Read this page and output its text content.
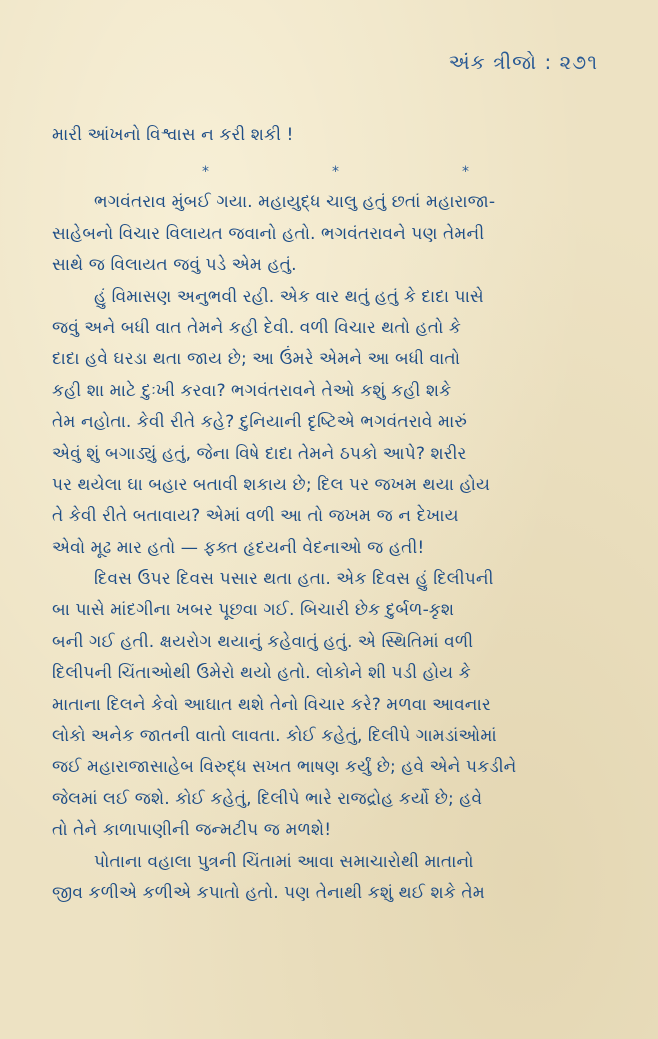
અંક ત્રીજો : ૨૭૧
મારી આંખનો વિશ્વાસ ન કરી શકી !
*	*	*
ભગવંતરાવ મુંબઈ ગયા. મહાયુદ્ધ ચાલુ હતું છતાં મહારાજા-
સાહેબનો વિચાર વિલાયત જવાનો હતો. ભગવંતરાવને પણ તેમની
સાથે જ વિલાયત જવું પડે એમ હતું.
હું વિમાસણ અનુભવી રહી. એક વાર થતું હતું કે દાદા પાસે
જવું અને બધી વાત તેમને કહી દેવી. વળી વિચાર થતો હતો કે
દાદા હવે ઘરડા થતા જાય છે; આ ઉંમરે એમને આ બધી વાતો
કહી શા માટે દુઃખી કરવા? ભગવંતરાવને તેઓ કશું કહી શકે
તેમ નહોતા. કેવી રીતે કહે? દુનિયાની દૃષ્ટિએ ભગવંતરાવે મારું
એવું શું બગાડ્યું હતું, જેના વિષે દાદા તેમને ઠપકો આપે? શરીર
પર થયેલા ઘા બહાર બતાવી શકાય છે; દિલ પર જખમ થયા હોય
તે કેવી રીતે બતાવાય? એમાં વળી આ તો જખમ જ ન દેખાય
એવો મૂઢ માર હતો — ફક્ત હૃદયની વેદનાઓ જ હતી!
દિવસ ઉપર દિવસ પસાર થતા હતા. એક દિવસ હું દિલીપની
બા પાસે માંદગીના ખબર પૂછવા ગઈ. બિચારી છેક દુર્બળ-કૃશ
બની ગઈ હતી. ક્ષયરોગ થયાનું કહેવાતું હતું. એ સ્થિતિમાં વળી
દિલીપની ચિંતાઓથી ઉમેરો થયો હતો. લોકોને શી પડી હોય કે
માતાના દિલને કેવો આઘાત થશે તેનો વિચાર કરે? મળવા આવનાર
લોકો અનેક જાતની વાતો લાવતા. કોઈ કહેતું, દિલીપે ગામડાંઓમાં
જઈ મહારાજાસાહેબ વિરુદ્ધ સખત ભાષણ કર્યું છે; હવે એને પકડીને
જેલમાં લઈ જશે. કોઈ કહેતું, દિલીપે ભારે રાજદ્રોહ કર્યો છે; હવે
તો તેને કાળાપાણીની જન્મટીપ જ મળશે!
પોતાના વહાલા પુત્રની ચિંતામાં આવા સમાચારોથી માતાનો
જીવ કળીએ કળીએ કપાતો હતો. પણ તેનાથી કશું થઈ શકે તેમ
